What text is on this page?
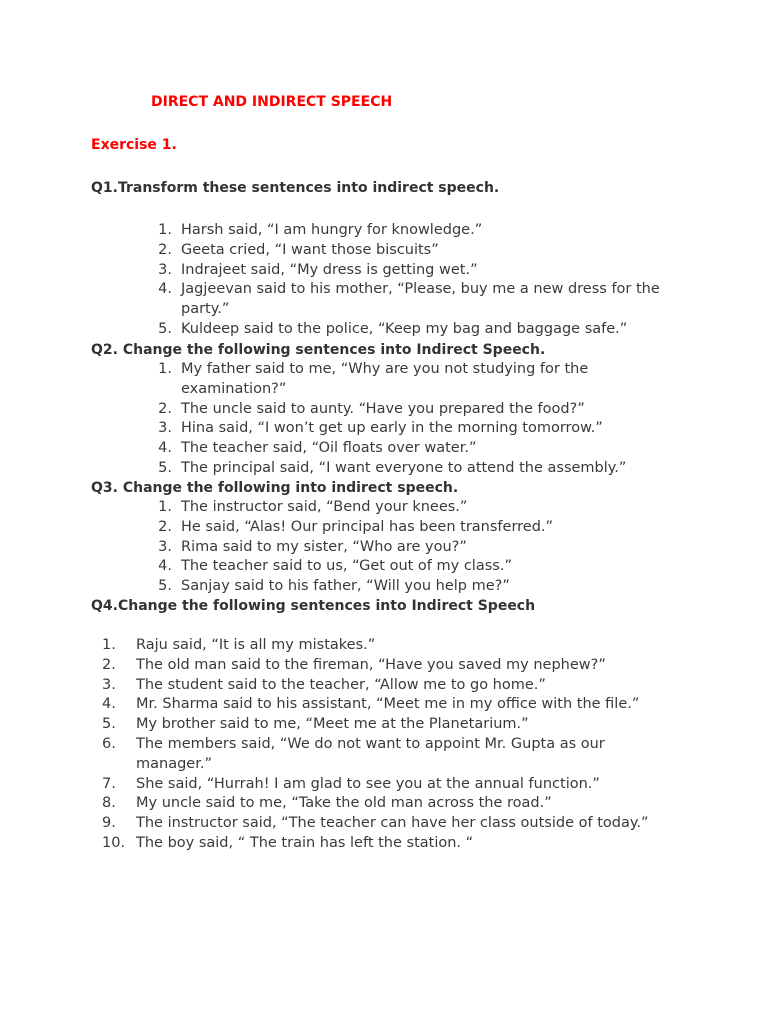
DIRECT AND INDIRECT SPEECH
Exercise 1.

Q1.Transform these sentences into indirect speech.

1. Harsh said, “I am hungry for knowledge.”
2. Geeta cried, “I want those biscuits”
3. Indrajeet said, “My dress is getting wet.”
4. Jagjeevan said to his mother, “Please, buy me a new dress for the party.”
5. Kuldeep said to the police, “Keep my bag and baggage safe.”

Q2. Change the following sentences into Indirect Speech.

1. My father said to me, “Why are you not studying for the examination?”
2. The uncle said to aunty. “Have you prepared the food?”
3. Hina said, “I won’t get up early in the morning tomorrow.”
4. The teacher said, “Oil floats over water.”
5. The principal said, “I want everyone to attend the assembly.”

Q3. Change the following into indirect speech.

1. The instructor said, “Bend your knees.”
2. He said, “Alas! Our principal has been transferred.”
3. Rima said to my sister, “Who are you?”
4. The teacher said to us, “Get out of my class.”
5. Sanjay said to his father, “Will you help me?”

Q4.Change the following sentences into Indirect Speech

1.	Raju said, “It is all my mistakes.”
2.	The old man said to the fireman, “Have you saved my nephew?”
3.	The student said to the teacher, “Allow me to go home.”
4.	Mr. Sharma said to his assistant, “Meet me in my office with the file.”
5.	My brother said to me, “Meet me at the Planetarium.”
6.	The members said, “We do not want to appoint Mr. Gupta as our manager.”
7.	She said, “Hurrah! I am glad to see you at the annual function.”
8.	My uncle said to me, “Take the old man across the road.”
9.	The instructor said, “The teacher can have her class outside of today.”
10. The boy said, “ The train has left the station. “
